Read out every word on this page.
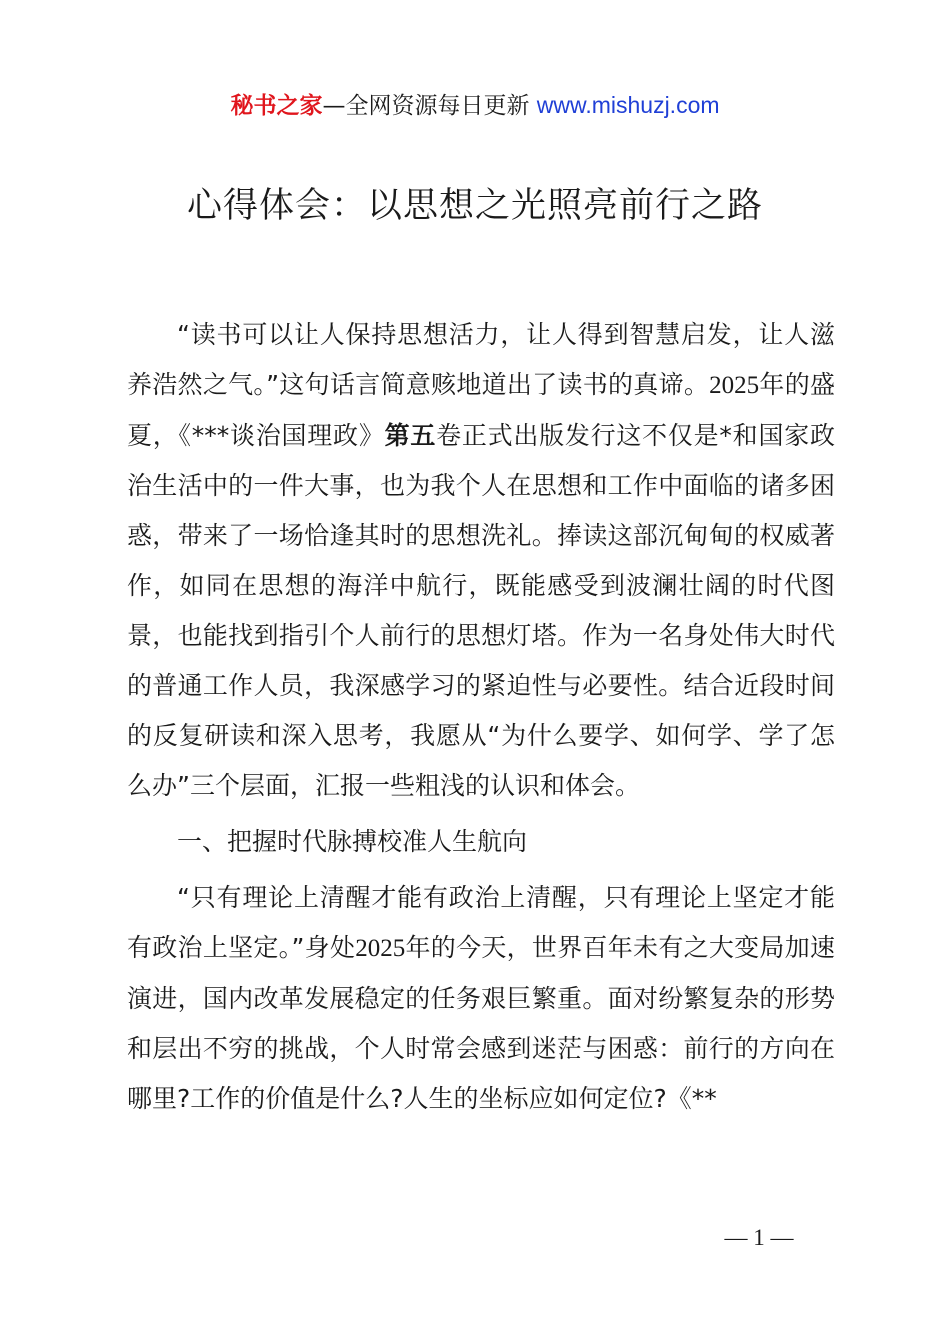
秘书之家—全网资源每日更新 www.mishuzj.com
心得体会：以思想之光照亮前行之路

“读书可以让人保持思想活力，让人得到智慧启发，让人滋养浩然之气。”这句话言简意赅地道出了读书的真谛。2025年的盛夏，《***谈治国理政》第五卷正式出版发行这不仅是*和国家政治生活中的一件大事，也为我个人在思想和工作中面临的诸多困惑，带来了一场恰逢其时的思想洗礼。捧读这部沉甸甸的权威著作，如同在思想的海洋中航行，既能感受到波澜壮阔的时代图景，也能找到指引个人前行的思想灯塔。作为一名身处伟大时代的普通工作人员，我深感学习的紧迫性与必要性。结合近段时间的反复研读和深入思考，我愿从“为什么要学、如何学、学了怎么办”三个层面，汇报一些粗浅的认识和体会。

一、把握时代脉搏校准人生航向

“只有理论上清醒才能有政治上清醒，只有理论上坚定才能有政治上坚定。”身处2025年的今天，世界百年未有之大变局加速演进，国内改革发展稳定的任务艰巨繁重。面对纷繁复杂的形势和层出不穷的挑战，个人时常会感到迷茫与困惑：前行的方向在哪里?工作的价值是什么?人生的坐标应如何定位?《**

— 1 —
